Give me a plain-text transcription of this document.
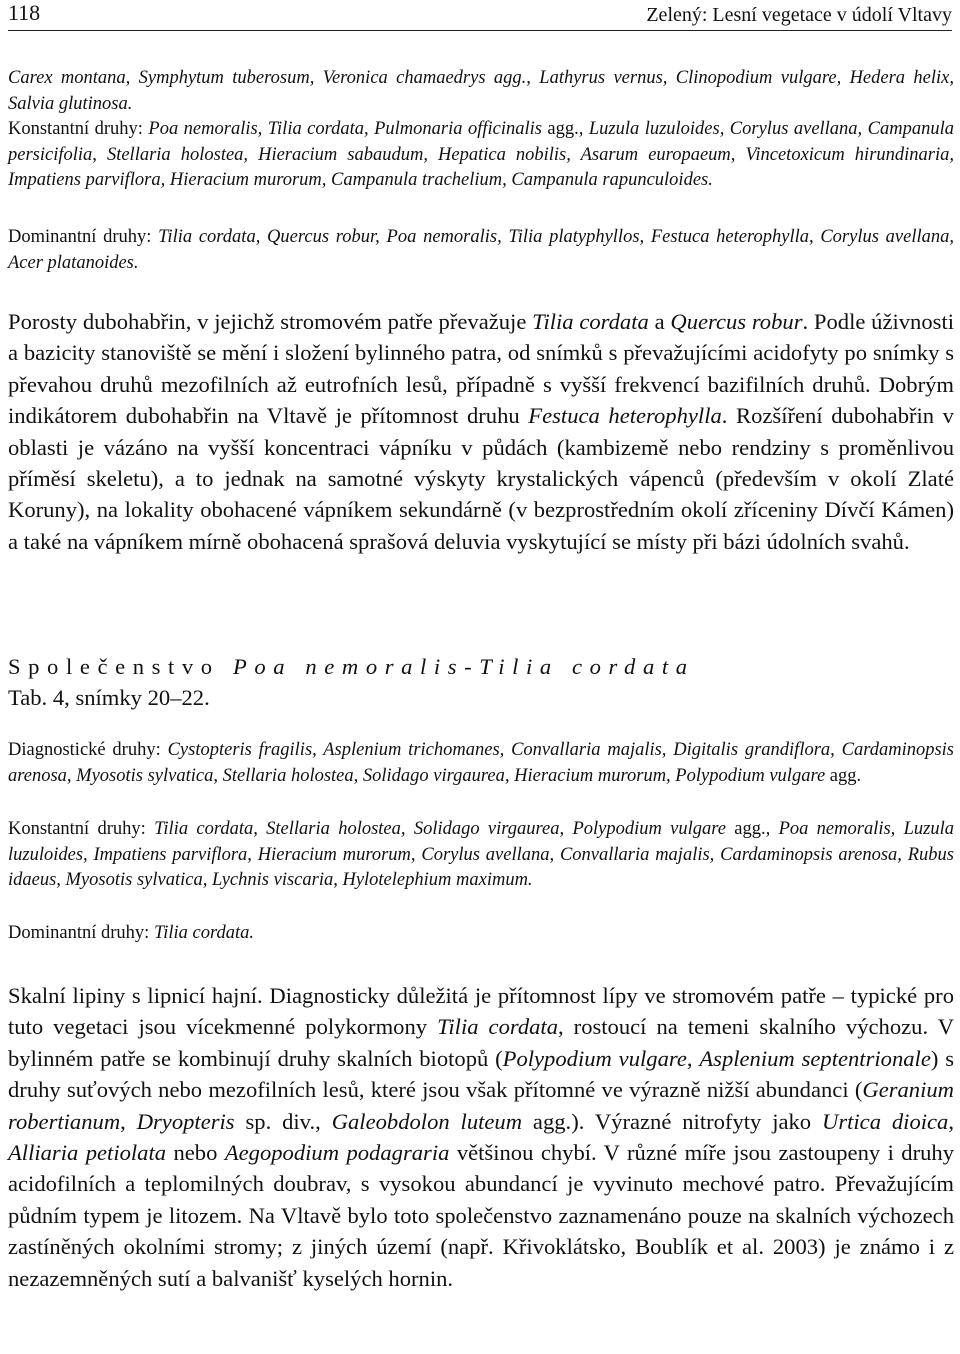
118	Zelený: Lesní vegetace v údolí Vltavy

Carex montana, Symphytum tuberosum, Veronica chamaedrys agg., Lathyrus vernus, Clinopodium vulgare, Hedera helix, Salvia glutinosa.

Konstantní druhy: Poa nemoralis, Tilia cordata, Pulmonaria officinalis agg., Luzula luzuloides, Corylus avellana, Campanula persicifolia, Stellaria holostea, Hieracium sabaudum, Hepatica nobilis, Asarum europaeum, Vincetoxicum hirundinaria, Impatiens parviflora, Hieracium murorum, Campanula trachelium, Campanula rapunculoides.

Dominantní druhy: Tilia cordata, Quercus robur, Poa nemoralis, Tilia platyphyllos, Festuca heterophylla, Corylus avellana, Acer platanoides.

Porosty dubohabřin, v jejichž stromovém patře převažuje Tilia cordata a Quercus robur. Podle úživnosti a bazicity stanoviště se mění i složení bylinného patra, od snímků s převažujícími acidofyty po snímky s převahou druhů mezofilních až eutrofních lesů, případně s vyšší frekvencí bazifilních druhů. Dobrým indikátorem dubohabřin na Vltavě je přítomnost druhu Festuca heterophylla. Rozšíření dubohabřin v oblasti je vázáno na vyšší koncentraci vápníku v půdách (kambizemě nebo rendziny s proměnlivou příměsí skeletu), a to jednak na samotné výskyty krystalických vápenců (především v okolí Zlaté Koruny), na lokality obohacené vápníkem sekundárně (v bezprostředním okolí zříceniny Dívčí Kámen) a také na vápníkem mírně obohacená sprašová deluvia vyskytující se místy při bázi údolních svahů.

Společenstvo Poa nemoralis-Tilia cordata

Tab. 4, snímky 20–22.

Diagnostické druhy: Cystopteris fragilis, Asplenium trichomanes, Convallaria majalis, Digitalis grandiflora, Cardaminopsis arenosa, Myosotis sylvatica, Stellaria holostea, Solidago virgaurea, Hieracium murorum, Polypodium vulgare agg.

Konstantní druhy: Tilia cordata, Stellaria holostea, Solidago virgaurea, Polypodium vulgare agg., Poa nemoralis, Luzula luzuloides, Impatiens parviflora, Hieracium murorum, Corylus avellana, Convallaria majalis, Cardaminopsis arenosa, Rubus idaeus, Myosotis sylvatica, Lychnis viscaria, Hylotelephium maximum.

Dominantní druhy: Tilia cordata.

Skalní lipiny s lipnicí hajní. Diagnosticky důležitá je přítomnost lípy ve stromovém patře – typické pro tuto vegetaci jsou vícekmenné polykormony Tilia cordata, rostoucí na temeni skalního výchozu. V bylinném patře se kombinují druhy skalních biotopů (Polypodium vulgare, Asplenium septentrionale) s druhy suťových nebo mezofilních lesů, které jsou však přítomné ve výrazně nižší abundanci (Geranium robertianum, Dryopteris sp. div., Galeobdolon luteum agg.). Výrazné nitrofyty jako Urtica dioica, Alliaria petiolata nebo Aegopodium podagraria většinou chybí. V různé míře jsou zastoupeny i druhy acidofilních a teplomilných doubrav, s vysokou abundancí je vyvinuto mechové patro. Převažujícím půdním typem je litozem. Na Vltavě bylo toto společenstvo zaznamenáno pouze na skalních výchozech zastíněných okolními stromy; z jiných území (např. Křivoklátsko, Boublík et al. 2003) je známo i z nezazemněných sutí a balvanišť kyselých hornin.
